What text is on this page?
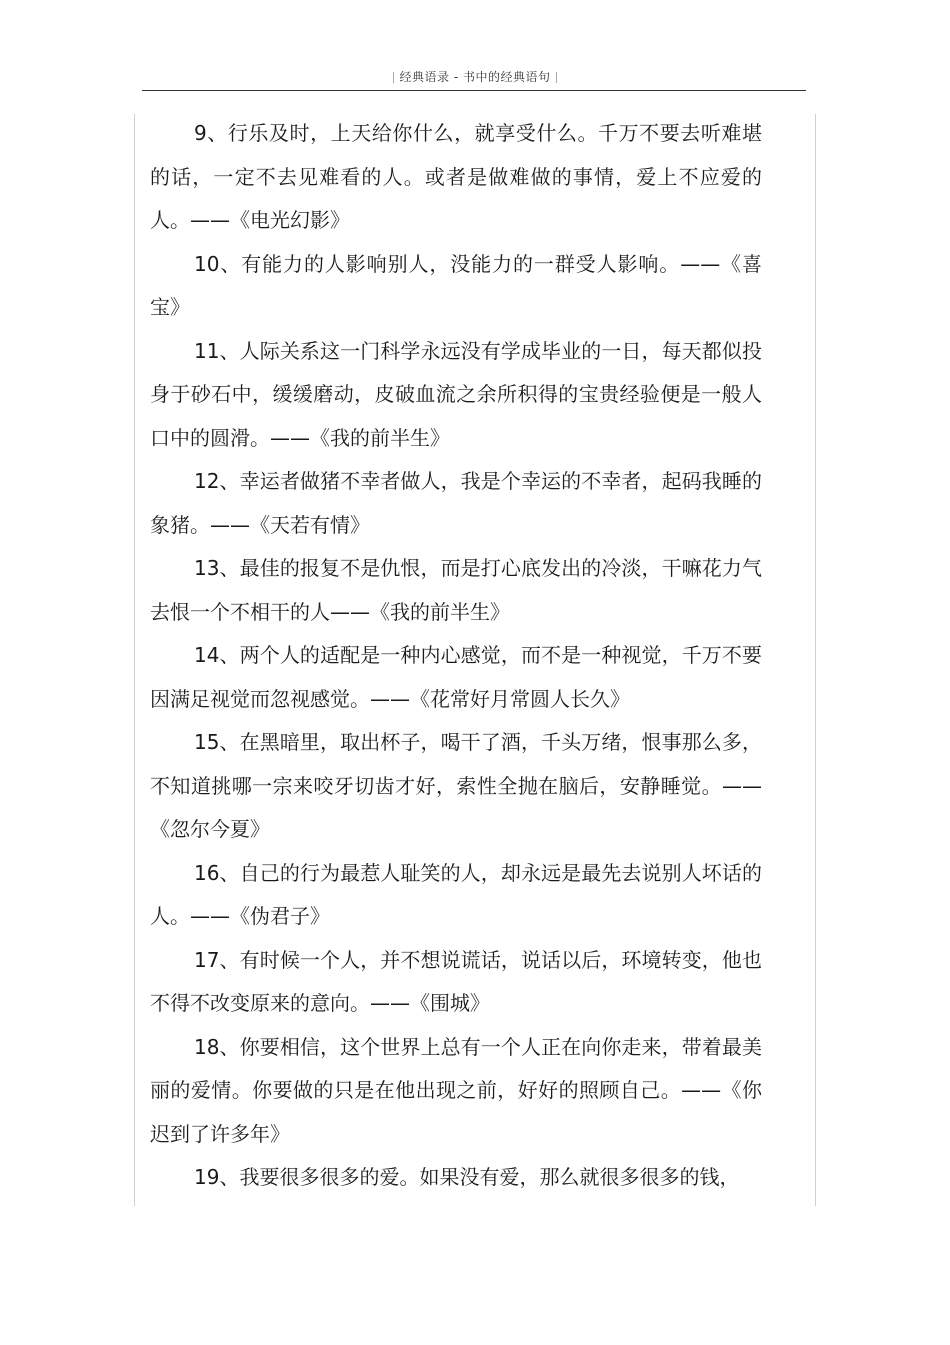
经典语录 - 书中的经典语句

9、行乐及时，上天给你什么，就享受什么。千万不要去听难堪的话，一定不去见难看的人。或者是做难做的事情，爱上不应爱的人。——《电光幻影》

10、有能力的人影响别人，没能力的一群受人影响。——《喜宝》

11、人际关系这一门科学永远没有学成毕业的一日，每天都似投身于砂石中，缓缓磨动，皮破血流之余所积得的宝贵经验便是一般人口中的圆滑。——《我的前半生》

12、幸运者做猪不幸者做人，我是个幸运的不幸者，起码我睡的象猪。——《天若有情》

13、最佳的报复不是仇恨，而是打心底发出的冷淡，干嘛花力气去恨一个不相干的人——《我的前半生》

14、两个人的适配是一种内心感觉，而不是一种视觉，千万不要因满足视觉而忽视感觉。——《花常好月常圆人长久》

15、在黑暗里，取出杯子，喝干了酒，千头万绪，恨事那么多，不知道挑哪一宗来咬牙切齿才好，索性全抛在脑后，安静睡觉。——《忽尔今夏》

16、自己的行为最惹人耻笑的人，却永远是最先去说别人坏话的人。——《伪君子》

17、有时候一个人，并不想说谎话，说话以后，环境转变，他也不得不改变原来的意向。——《围城》

18、你要相信，这个世界上总有一个人正在向你走来，带着最美丽的爱情。你要做的只是在他出现之前，好好的照顾自己。——《你迟到了许多年》

19、我要很多很多的爱。如果没有爱，那么就很多很多的钱，
